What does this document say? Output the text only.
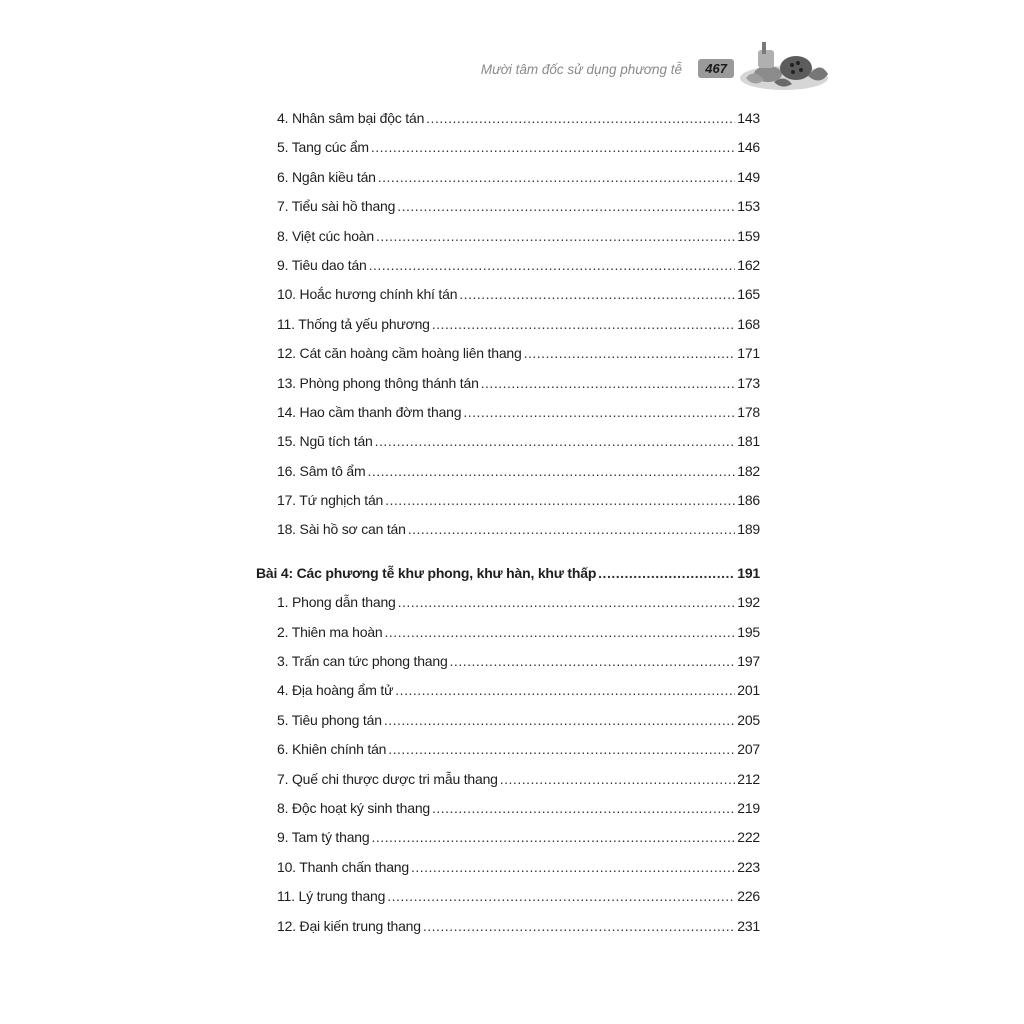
Mười tâm đốc sử dụng phương tễ	467
4. Nhân sâm bại độc tán .....	143
5. Tang cúc ẩm .....	146
6. Ngân kiều tán .....	149
7. Tiểu sài hồ thang .....	153
8. Việt cúc hoàn .....	159
9. Tiêu dao tán .....	162
10. Hoắc hương chính khí tán .....	165
11. Thống tả yếu phương .....	168
12. Cát căn hoàng cầm hoàng liên thang .....	171
13. Phòng phong thông thánh tán .....	173
14. Hao cầm thanh đờm thang .....	178
15. Ngũ tích tán .....	181
16. Sâm tô ẩm .....	182
17. Tứ nghịch tán .....	186
18. Sài hồ sơ can tán .....	189
Bài 4: Các phương tễ khư phong, khư hàn, khư thấp .....	191
1. Phong dẫn thang .....	192
2. Thiên ma hoàn .....	195
3. Trấn can tức phong thang .....	197
4. Địa hoàng ẩm tử .....	201
5. Tiêu phong tán .....	205
6. Khiên chính tán .....	207
7. Quế chi thược dược tri mẫu thang .....	212
8. Độc hoạt ký sinh thang .....	219
9. Tam tý thang .....	222
10. Thanh chấn thang .....	223
11. Lý trung thang .....	226
12. Đại kiến trung thang .....	231
